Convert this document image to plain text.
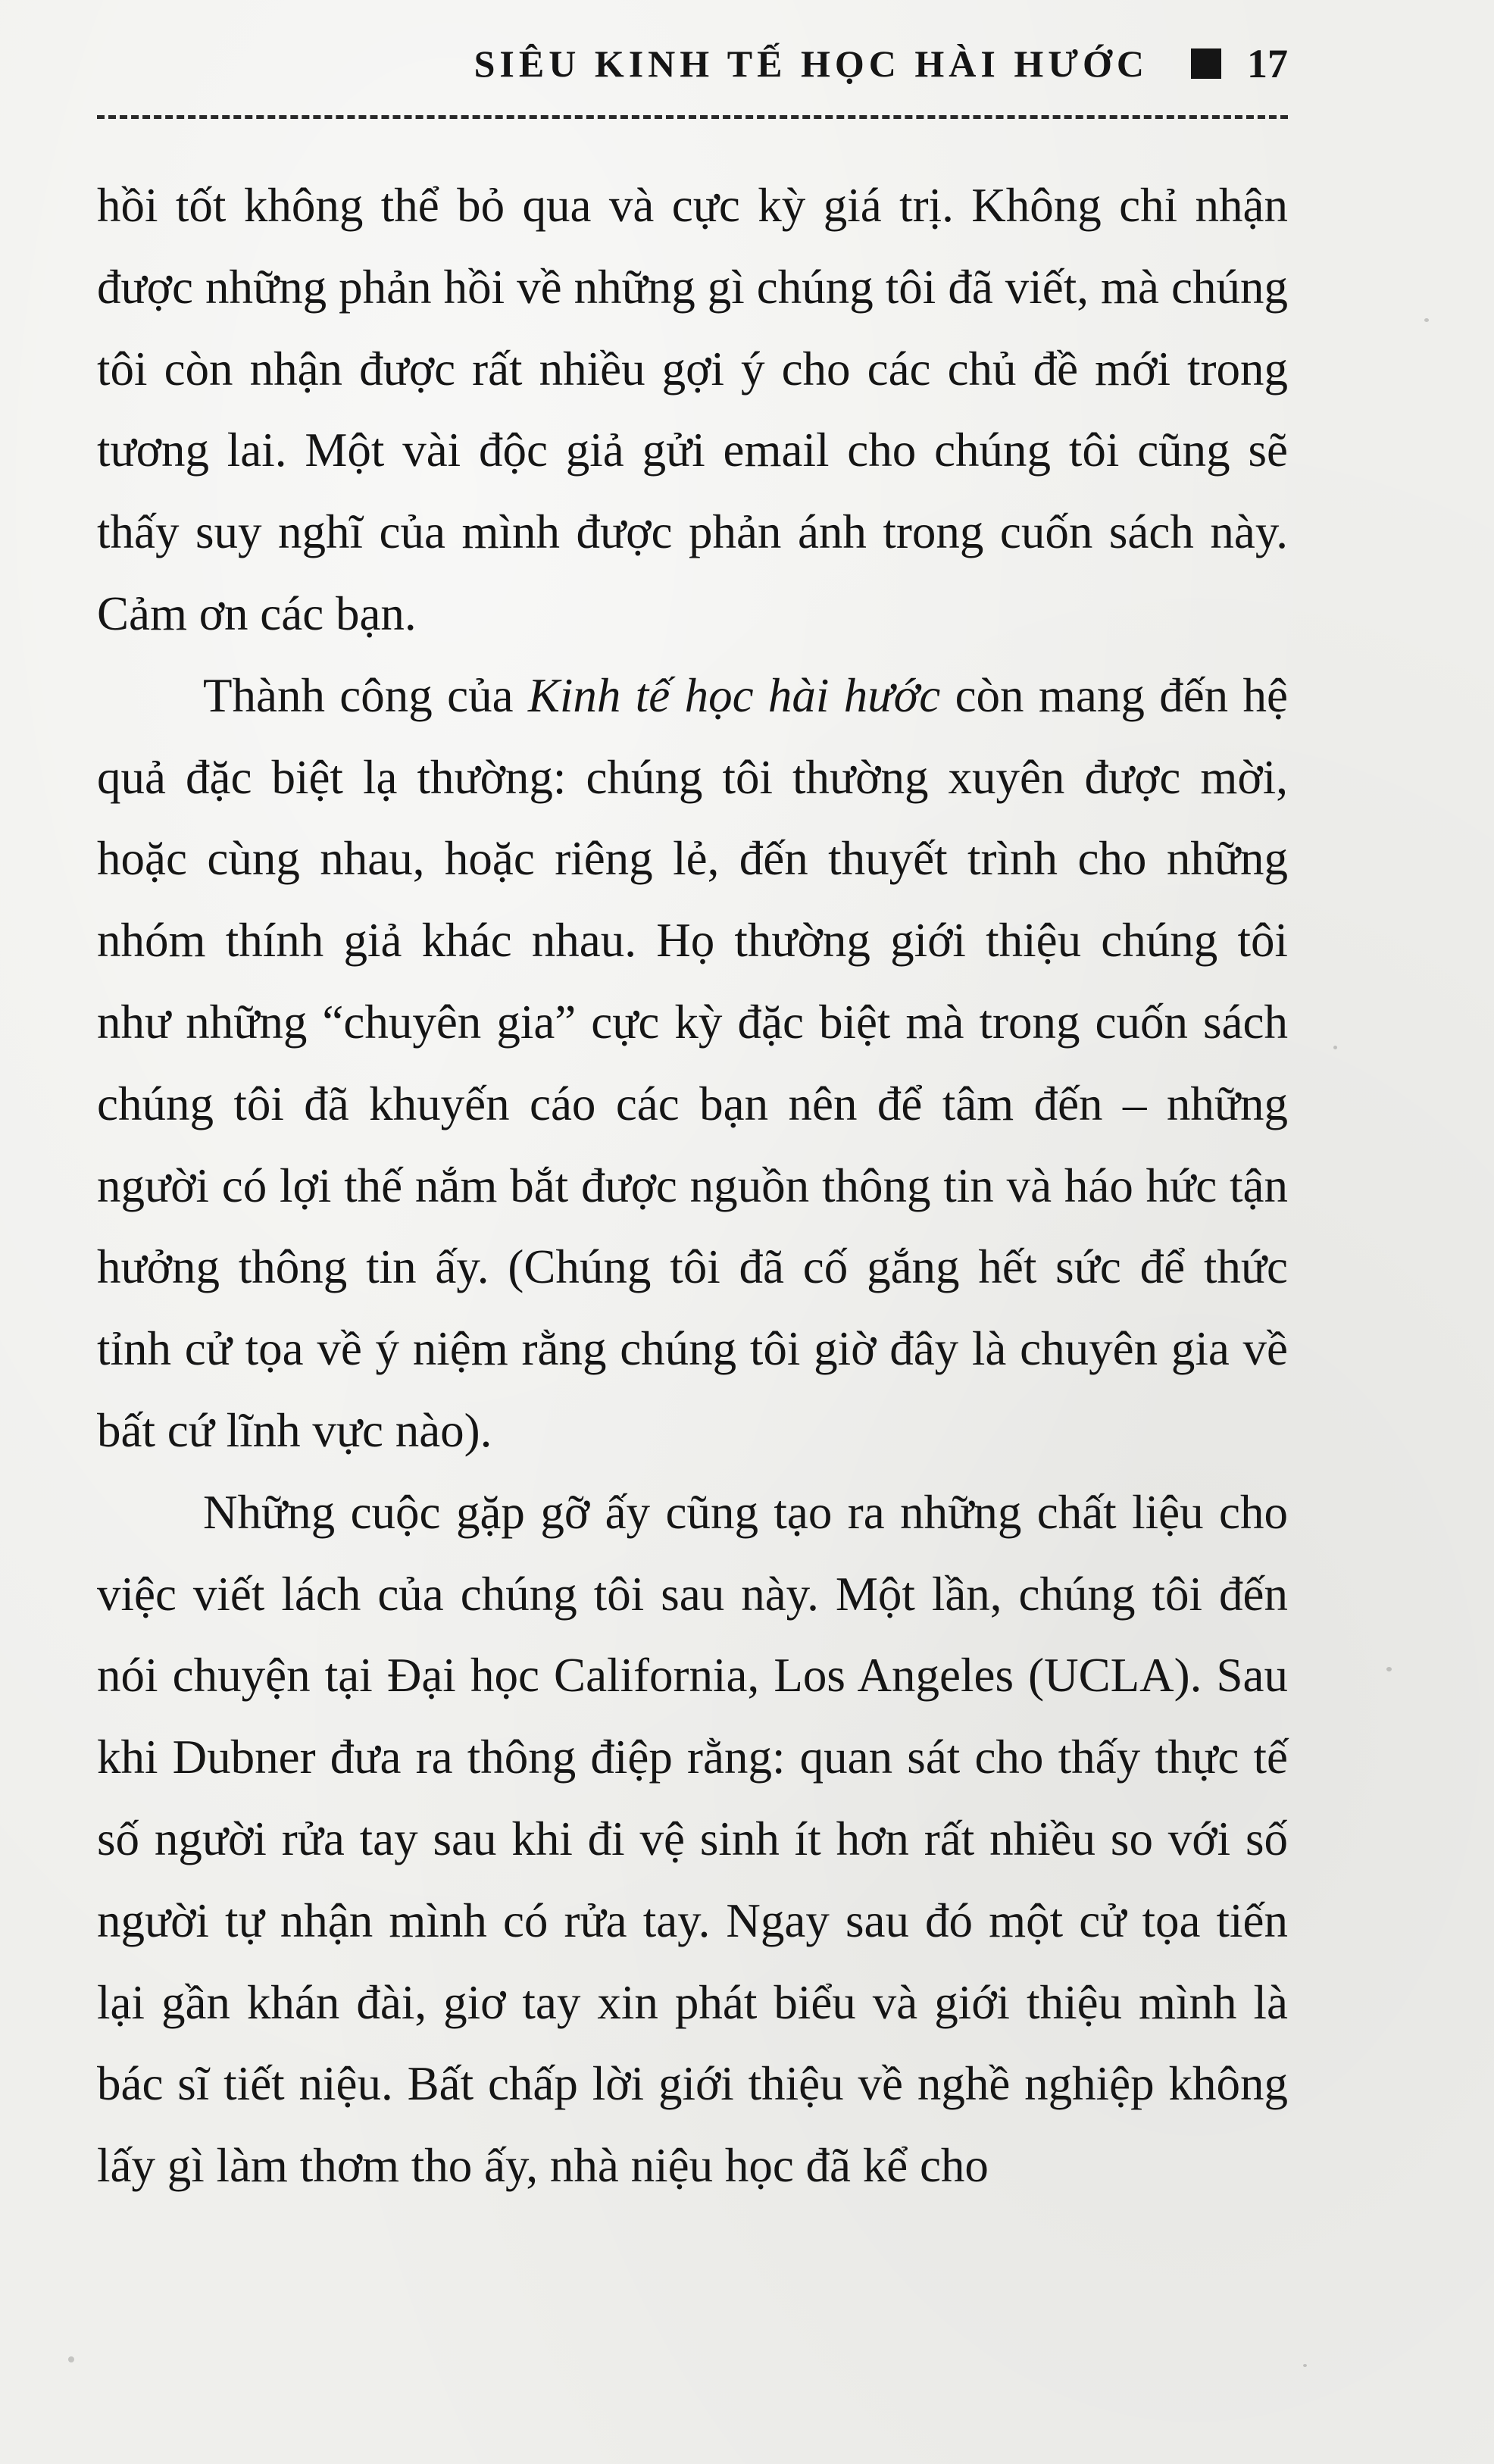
SIÊU KINH TẾ HỌC HÀI HƯỚC 17

hồi tốt không thể bỏ qua và cực kỳ giá trị. Không chỉ nhận được những phản hồi về những gì chúng tôi đã viết, mà chúng tôi còn nhận được rất nhiều gợi ý cho các chủ đề mới trong tương lai. Một vài độc giả gửi email cho chúng tôi cũng sẽ thấy suy nghĩ của mình được phản ánh trong cuốn sách này. Cảm ơn các bạn.

Thành công của Kinh tế học hài hước còn mang đến hệ quả đặc biệt lạ thường: chúng tôi thường xuyên được mời, hoặc cùng nhau, hoặc riêng lẻ, đến thuyết trình cho những nhóm thính giả khác nhau. Họ thường giới thiệu chúng tôi như những “chuyên gia” cực kỳ đặc biệt mà trong cuốn sách chúng tôi đã khuyến cáo các bạn nên để tâm đến – những người có lợi thế nắm bắt được nguồn thông tin và háo hức tận hưởng thông tin ấy. (Chúng tôi đã cố gắng hết sức để thức tỉnh cử tọa về ý niệm rằng chúng tôi giờ đây là chuyên gia về bất cứ lĩnh vực nào).

Những cuộc gặp gỡ ấy cũng tạo ra những chất liệu cho việc viết lách của chúng tôi sau này. Một lần, chúng tôi đến nói chuyện tại Đại học California, Los Angeles (UCLA). Sau khi Dubner đưa ra thông điệp rằng: quan sát cho thấy thực tế số người rửa tay sau khi đi vệ sinh ít hơn rất nhiều so với số người tự nhận mình có rửa tay. Ngay sau đó một cử tọa tiến lại gần khán đài, giơ tay xin phát biểu và giới thiệu mình là bác sĩ tiết niệu. Bất chấp lời giới thiệu về nghề nghiệp không lấy gì làm thơm tho ấy, nhà niệu học đã kể cho
